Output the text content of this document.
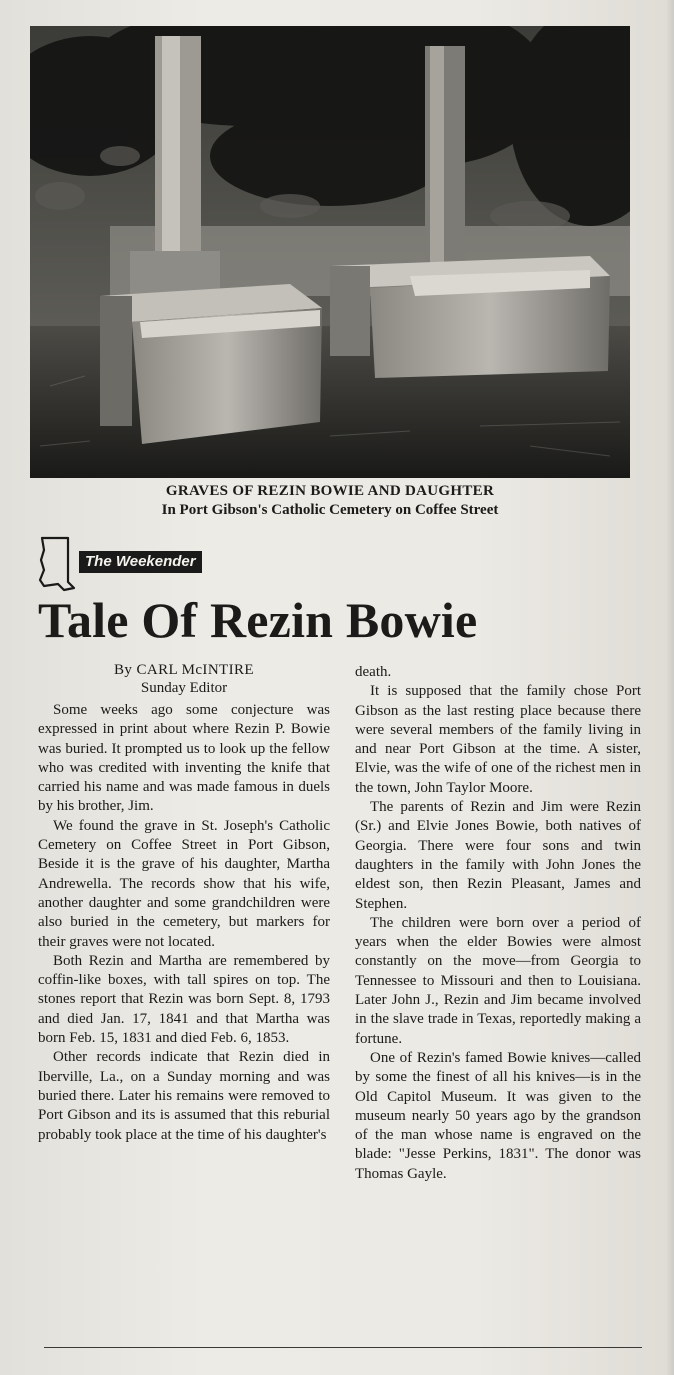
GRAVES OF REZIN BOWIE AND DAUGHTER
In Port Gibson's Catholic Cemetery on Coffee Street
The Weekender
Tale Of Rezin Bowie
By CARL McINTIRE
Sunday Editor

Some weeks ago some conjecture was expressed in print about where Rezin P. Bowie was buried. It prompted us to look up the fellow who was credited with inventing the knife that carried his name and was made famous in duels by his brother, Jim.

We found the grave in St. Joseph's Catholic Cemetery on Coffee Street in Port Gibson, Beside it is the grave of his daughter, Martha Andrewella. The records show that his wife, another daughter and some grandchildren were also buried in the cemetery, but markers for their graves were not located.

Both Rezin and Martha are remembered by coffin-like boxes, with tall spires on top. The stones report that Rezin was born Sept. 8, 1793 and died Jan. 17, 1841 and that Martha was born Feb. 15, 1831 and died Feb. 6, 1853.

Other records indicate that Rezin died in Iberville, La., on a Sunday morning and was buried there. Later his remains were removed to Port Gibson and its is assumed that this reburial probably took place at the time of his daughter's

death.

It is supposed that the family chose Port Gibson as the last resting place because there were several members of the family living in and near Port Gibson at the time. A sister, Elvie, was the wife of one of the richest men in the town, John Taylor Moore.

The parents of Rezin and Jim were Rezin (Sr.) and Elvie Jones Bowie, both natives of Georgia. There were four sons and twin daughters in the family with John Jones the eldest son, then Rezin Pleasant, James and Stephen.

The children were born over a period of years when the elder Bowies were almost constantly on the move—from Georgia to Tennessee to Missouri and then to Louisiana. Later John J., Rezin and Jim became involved in the slave trade in Texas, reportedly making a fortune.

One of Rezin's famed Bowie knives—called by some the finest of all his knives—is in the Old Capitol Museum. It was given to the museum nearly 50 years ago by the grandson of the man whose name is engraved on the blade: "Jesse Perkins, 1831". The donor was Thomas Gayle.
